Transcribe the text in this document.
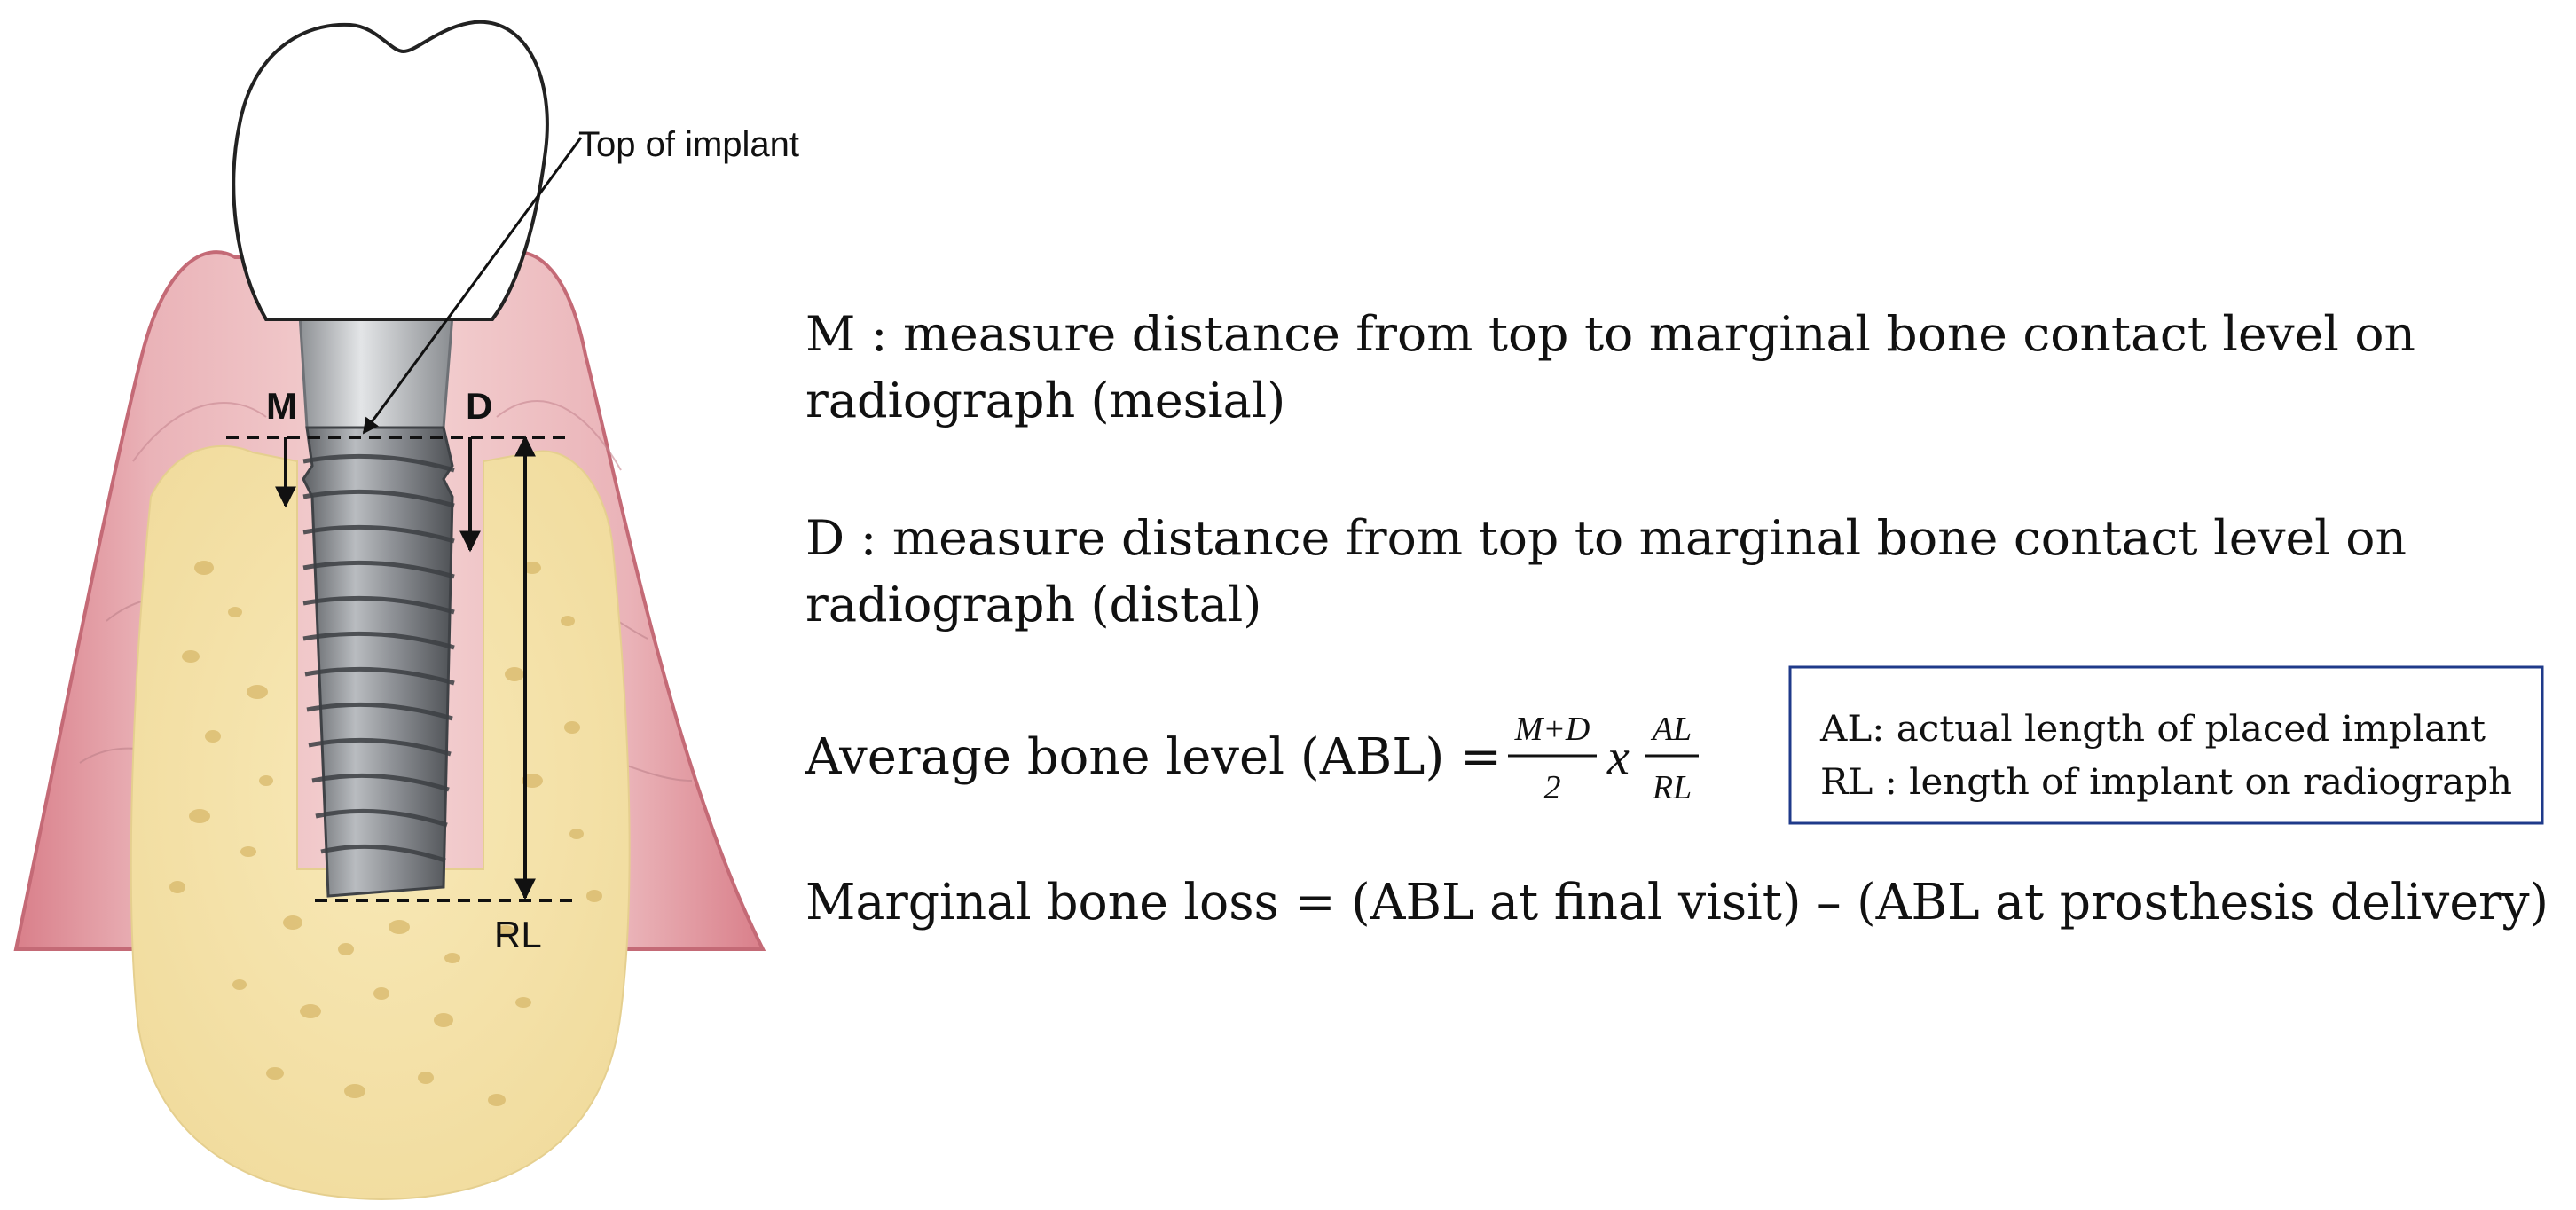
Top of implant
M	D
RL
M : measure distance from top to marginal bone contact level on
radiograph (mesial)
D : measure distance from top to marginal bone contact level on
radiograph (distal)
Average bone level (ABL) = M+D
2
x
AL
RL
AL: actual length of placed implant
RL : length of implant on radiograph
Marginal bone loss = (ABL at final visit) – (ABL at prosthesis delivery)
